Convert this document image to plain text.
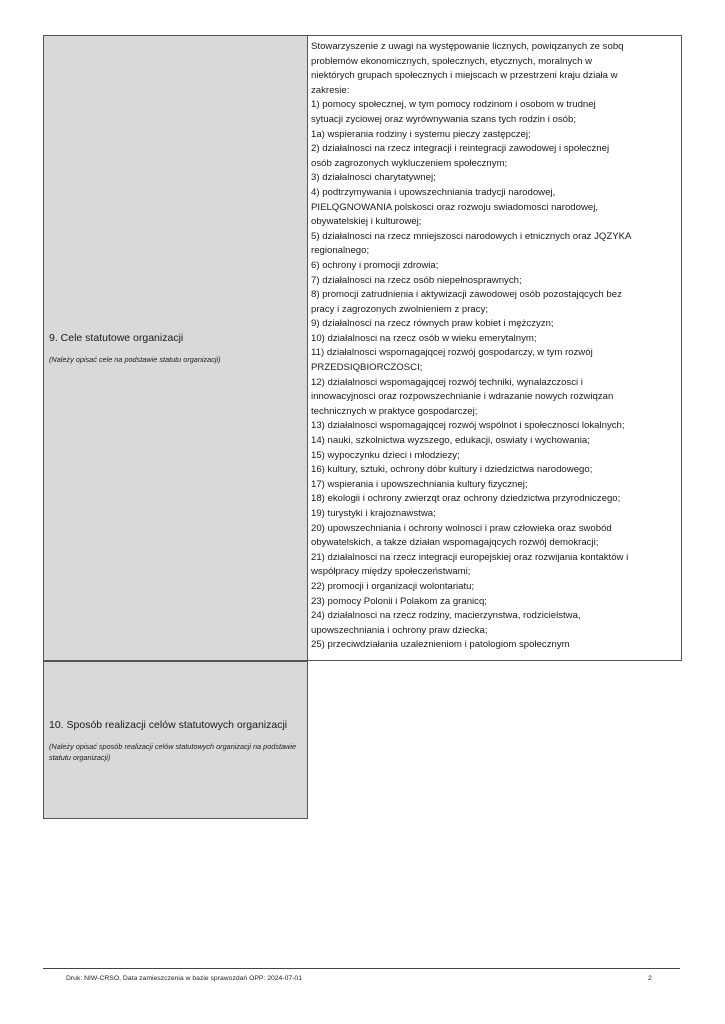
9. Cele statutowe organizacji
(Należy opisać cele na podstawie statutu organizacji)
Stowarzyszenie z uwagi na występowanie licznych, powiqzanych ze sobq
problemów ekonomicznych, społecznych, etycznych, moralnych w
niektórych grupach społecznych i miejscach w przestrzeni kraju działa w
zakresie:
1) pomocy społecznej, w tym pomocy rodzinom i osobom w trudnej
sytuacji zyciowej oraz wyrównywania szans tych rodzin i osób;
1a) wspierania rodziny i systemu pieczy zastępczej;
2) działalnosci na rzecz integracji i reintegracji zawodowej i społecznej
osób zagrozonych wykluczeniem społecznym;
3) działalnosci charytatywnej;
4) podtrzymywania i upowszechniania tradycji narodowej,
PIELQGNOWANIA polskosci oraz rozwoju swiadomosci narodowej,
obywatelskiej i kulturowej;
5) działalnosci na rzecz mniejszosci narodowych i etnicznych oraz JQZYKA
regionalnego;
6) ochrony i promocji zdrowia;
7) działalnosci na rzecz osób niepełnosprawnych;
8) promocji zatrudnienia i aktywizacji zawodowej osób pozostajqcych bez
pracy i zagrozonych zwolnieniem z pracy;
9) działalnosci na rzecz równych praw kobiet i mężczyzn;
10) działalnosci na rzecz osób w wieku emerytalnym;
11) działalnosci wspomagajqcej rozwój gospodarczy, w tym rozwój
PRZEDSIQBIORCZOSCI;
12) działalnosci wspomagajqcej rozwój techniki, wynalazczosci i
innowacyjnosci oraz rozpowszechnianie i wdrazanie nowych rozwiqzan
technicznych w praktyce gospodarczej;
13) działalnosci wspomagajqcej rozwój wspólnot i społecznosci lokalnych;
14) nauki, szkolnictwa wyzszego, edukacji, oswiaty i wychowania;
15) wypoczynku dzieci i młodziezy;
16) kultury, sztuki, ochrony dóbr kultury i dziedzictwa narodowego;
17) wspierania i upowszechniania kultury fizycznej;
18) ekologii i ochrony zwierzqt oraz ochrony dziedzictwa przyrodniczego;
19) turystyki i krajoznawstwa;
20) upowszechniania i ochrony wolnosci i praw człowieka oraz swobód
obywatelskich, a takze działan wspomagajqcych rozwój demokracji;
21) działalnosci na rzecz integracji europejskiej oraz rozwijania kontaktów i
współpracy między społeczeństwami;
22) promocji i organizacji wolontariatu;
23) pomocy Polonii i Polakom za granicq;
24) działalnosci na rzecz rodziny, macierzynstwa, rodzicielstwa,
upowszechniania i ochrony praw dziecka;
25) przeciwdziałania uzaleznieniom i patologiom społecznym
10. Sposób realizacji celów statutowych organizacji
(Należy opisać sposób realizacji celów statutowych organizacji na podstawie statutu organizacji)
Druk: NIW-CRSO, Data zamieszczenia w bazie sprawozdań OPP: 2024-07-01	2
